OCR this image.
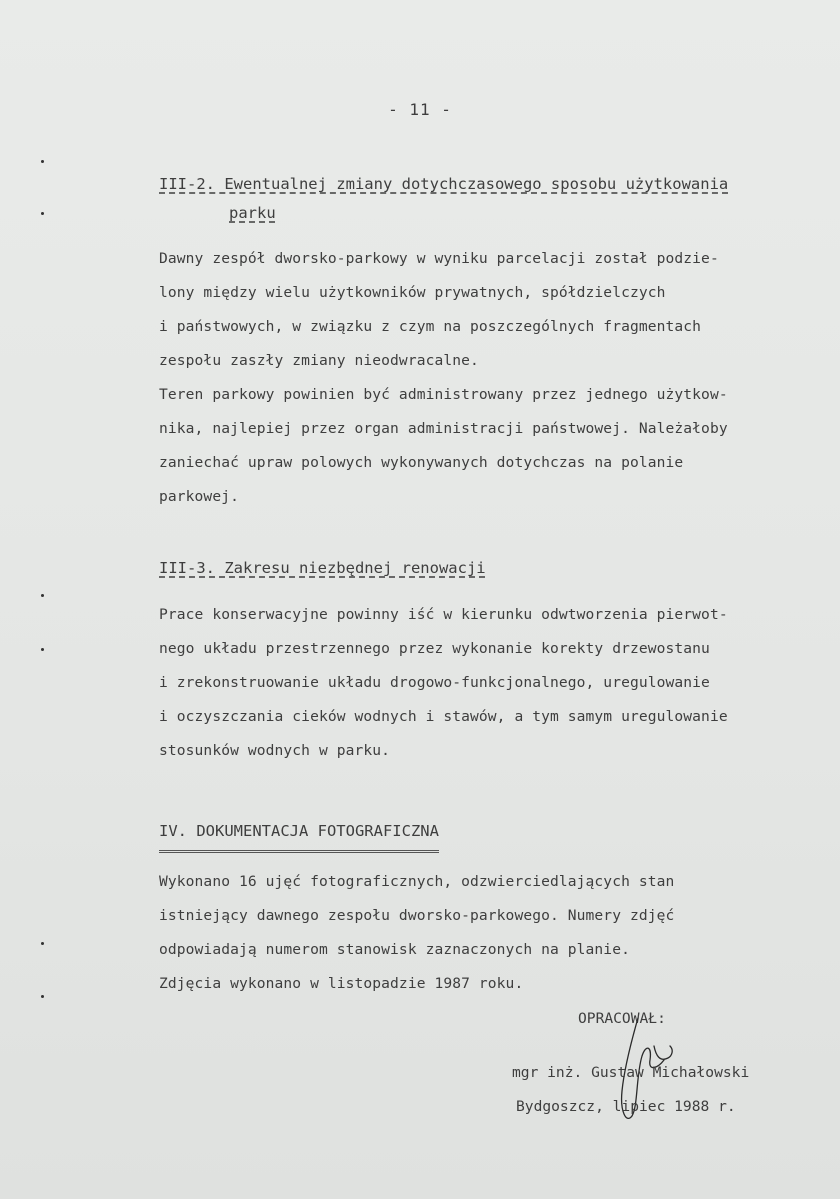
- 11 -
III-2. Ewentualnej zmiany dotychczasowego sposobu użytkowania
parku

Dawny zespół dworsko-parkowy w wyniku parcelacji został podzie-
lony między wielu użytkowników prywatnych, spółdzielczych
i państwowych, w związku z czym na poszczególnych fragmentach
zespołu zaszły zmiany nieodwracalne.
Teren parkowy powinien być administrowany przez jednego użytkow-
nika, najlepiej przez organ administracji państwowej. Należałoby
zaniechać upraw polowych wykonywanych dotychczas na polanie
parkowej.

III-3. Zakresu niezbędnej renowacji

Prace konserwacyjne powinny iść w kierunku odwtworzenia pierwot-
nego układu przestrzennego przez wykonanie korekty drzewostanu
i zrekonstruowanie układu drogowo-funkcjonalnego, uregulowanie
i oczyszczania cieków wodnych i stawów, a tym samym uregulowanie
stosunków wodnych w parku.

IV. DOKUMENTACJA FOTOGRAFICZNA

Wykonano 16 ujęć fotograficznych, odzwierciedlających stan
istniejący dawnego zespołu dworsko-parkowego. Numery zdjęć
odpowiadają numerom stanowisk zaznaczonych na planie.
Zdjęcia wykonano w listopadzie 1987 roku.

OPRACOWAŁ:
mgr inż. Gustaw Michałowski
Bydgoszcz, lipiec 1988 r.
